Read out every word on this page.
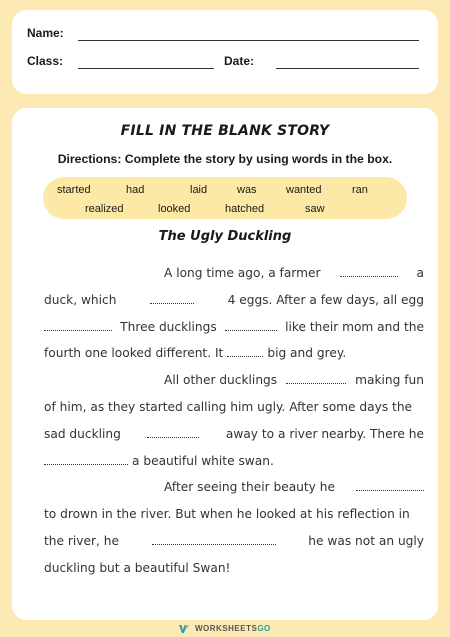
Name:
Class:	Date:
FILL IN THE BLANK STORY
Directions: Complete the story by using words in the box.
started	had	laid	was	wanted	ran
realized	looked	hatched	saw
The Ugly Duckling
A long time ago, a farmer	a
duck, which	4 eggs. After a few days, all egg
Three ducklings	like their mom and the
fourth one looked different. It	big and grey.
All other ducklings	making fun
of him, as they started calling him ugly. After some days the
sad duckling	away to a river nearby. There he
a beautiful white swan.
After seeing their beauty he
to drown in the river. But when he looked at his reflection in
the river, he	he was not an ugly
duckling but a beautiful Swan!
WORKSHEETSGO
